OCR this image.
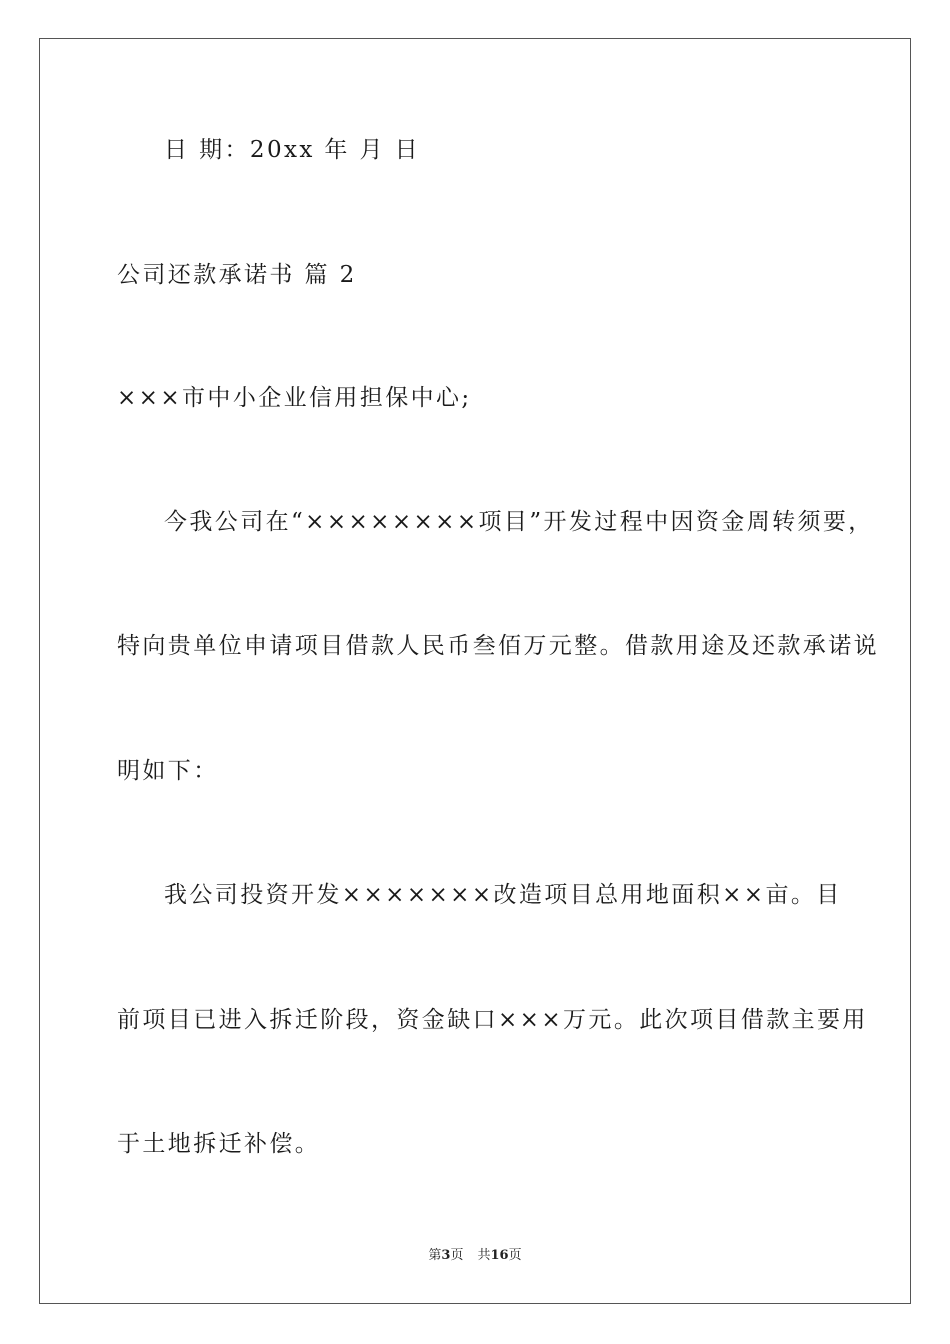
日 期：20xx 年 月 日
公司还款承诺书 篇 2
×××市中小企业信用担保中心;
今我公司在“××××××××项目”开发过程中因资金周转须要，
特向贵单位申请项目借款人民币叁佰万元整。借款用途及还款承诺说
明如下：
我公司投资开发×××××××改造项目总用地面积××亩。目
前项目已进入拆迁阶段，资金缺口×××万元。此次项目借款主要用
于土地拆迁补偿。
第3页 共16页
